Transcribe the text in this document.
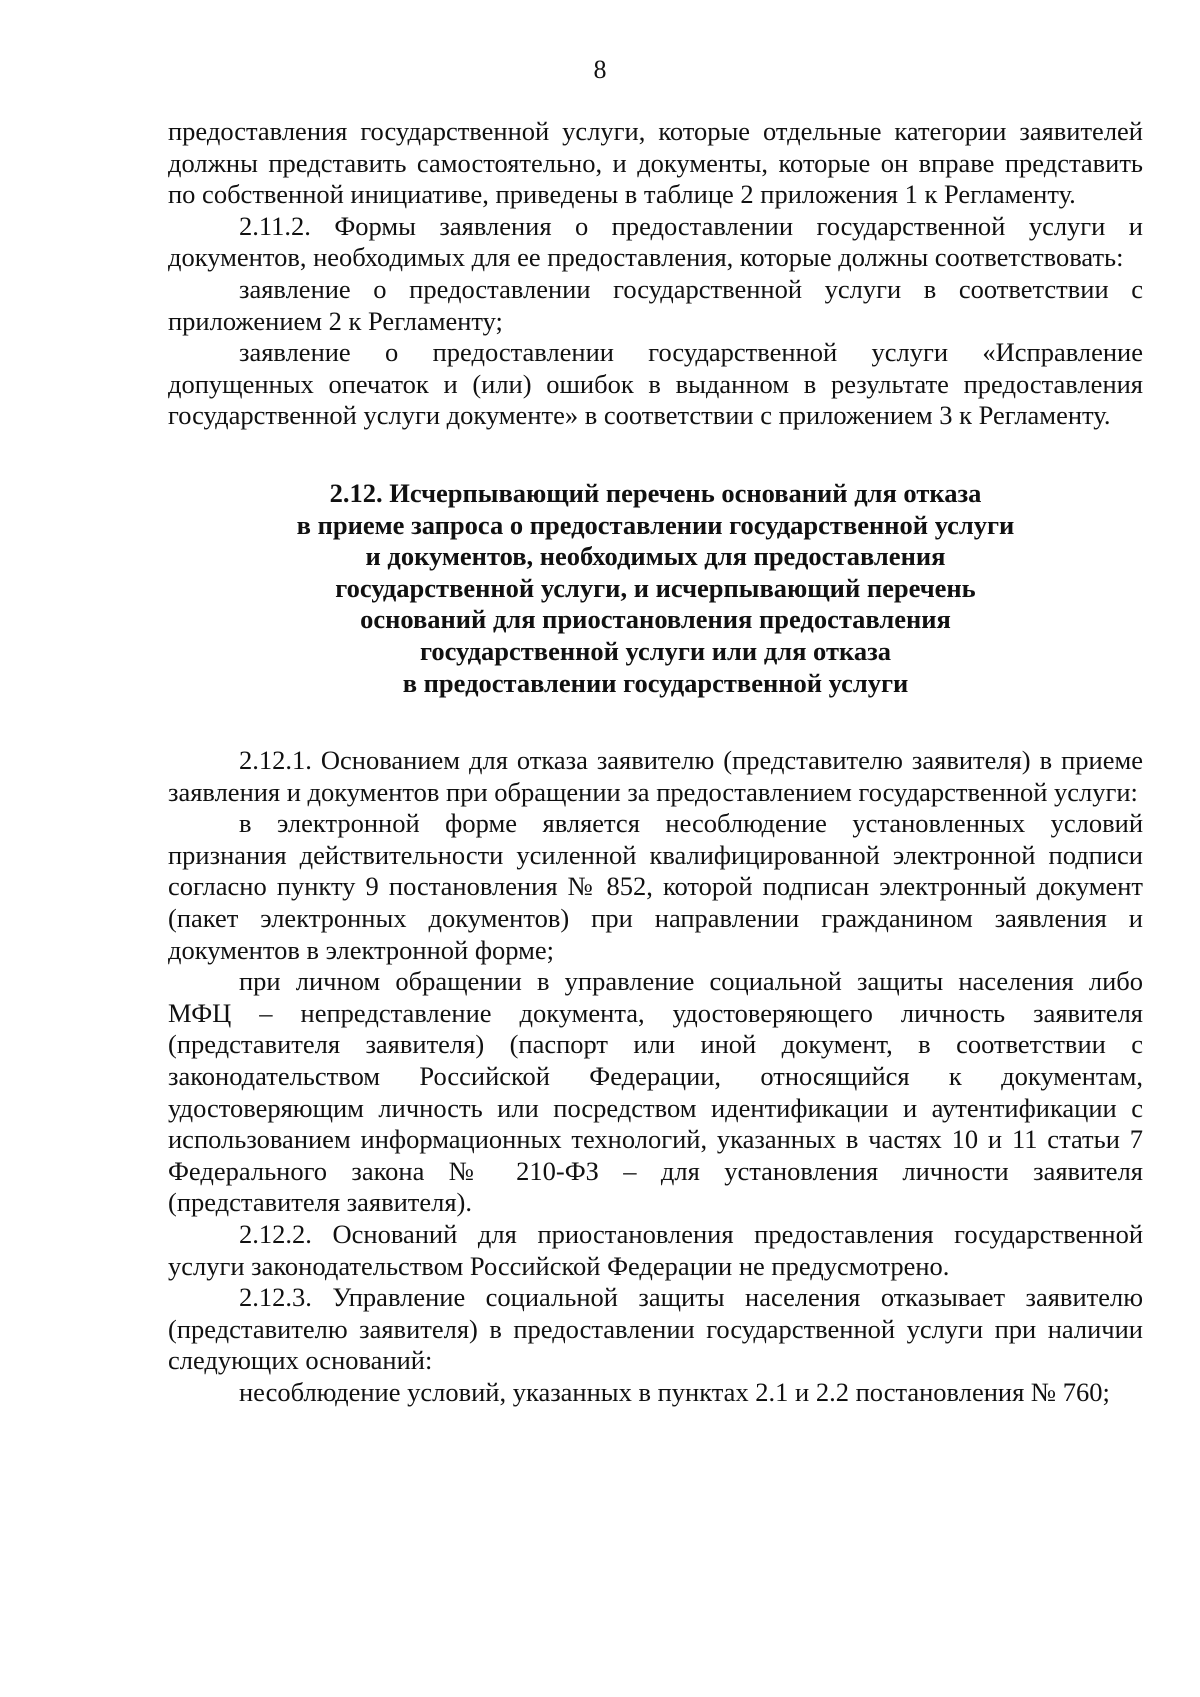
8

предоставления государственной услуги, которые отдельные категории заявителей должны представить самостоятельно, и документы, которые он вправе представить по собственной инициативе, приведены в таблице 2 приложения 1 к Регламенту.

2.11.2. Формы заявления о предоставлении государственной услуги и документов, необходимых для ее предоставления, которые должны соответствовать:

заявление о предоставлении государственной услуги в соответствии с приложением 2 к Регламенту;

заявление о предоставлении государственной услуги «Исправление допущенных опечаток и (или) ошибок в выданном в результате предоставления государственной услуги документе» в соответствии с приложением 3 к Регламенту.

2.12. Исчерпывающий перечень оснований для отказа
в приеме запроса о предоставлении государственной услуги
и документов, необходимых для предоставления
государственной услуги, и исчерпывающий перечень
оснований для приостановления предоставления
государственной услуги или для отказа
в предоставлении государственной услуги

2.12.1. Основанием для отказа заявителю (представителю заявителя) в приеме заявления и документов при обращении за предоставлением государственной услуги:

в электронной форме является несоблюдение установленных условий признания действительности усиленной квалифицированной электронной подписи согласно пункту 9 постановления № 852, которой подписан электронный документ (пакет электронных документов) при направлении гражданином заявления и документов в электронной форме;

при личном обращении в управление социальной защиты населения либо МФЦ – непредставление документа, удостоверяющего личность заявителя (представителя заявителя) (паспорт или иной документ, в соответствии с законодательством Российской Федерации, относящийся к документам, удостоверяющим личность или посредством идентификации и аутентификации с использованием информационных технологий, указанных в частях 10 и 11 статьи 7 Федерального закона № 210-ФЗ – для установления личности заявителя (представителя заявителя).

2.12.2. Оснований для приостановления предоставления государственной услуги законодательством Российской Федерации не предусмотрено.

2.12.3. Управление социальной защиты населения отказывает заявителю (представителю заявителя) в предоставлении государственной услуги при наличии следующих оснований:

несоблюдение условий, указанных в пунктах 2.1 и 2.2 постановления № 760;
